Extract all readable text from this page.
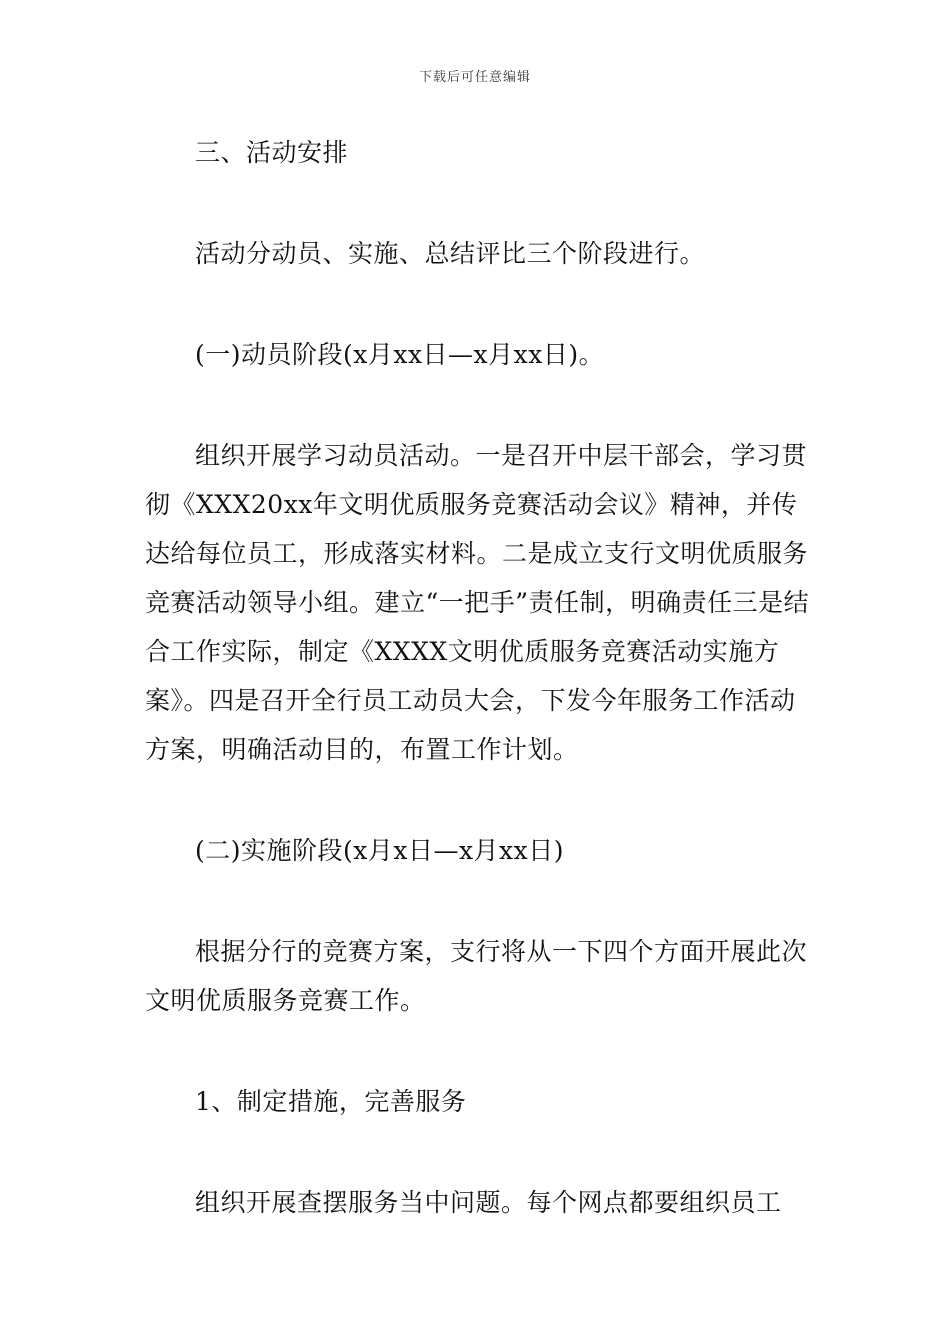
下载后可任意编辑

三、活动安排

活动分动员、实施、总结评比三个阶段进行。

(一)动员阶段(x月xx日—x月xx日)。

组织开展学习动员活动。一是召开中层干部会，学习贯彻《XXX20xx年文明优质服务竞赛活动会议》精神，并传达给每位员工，形成落实材料。二是成立支行文明优质服务竞赛活动领导小组。建立“一把手”责任制，明确责任三是结合工作实际，制定《XXXX文明优质服务竞赛活动实施方案》。四是召开全行员工动员大会，下发今年服务工作活动方案，明确活动目的，布置工作计划。

(二)实施阶段(x月x日—x月xx日)

根据分行的竞赛方案，支行将从一下四个方面开展此次文明优质服务竞赛工作。

1、制定措施，完善服务

组织开展查摆服务当中问题。每个网点都要组织员工
